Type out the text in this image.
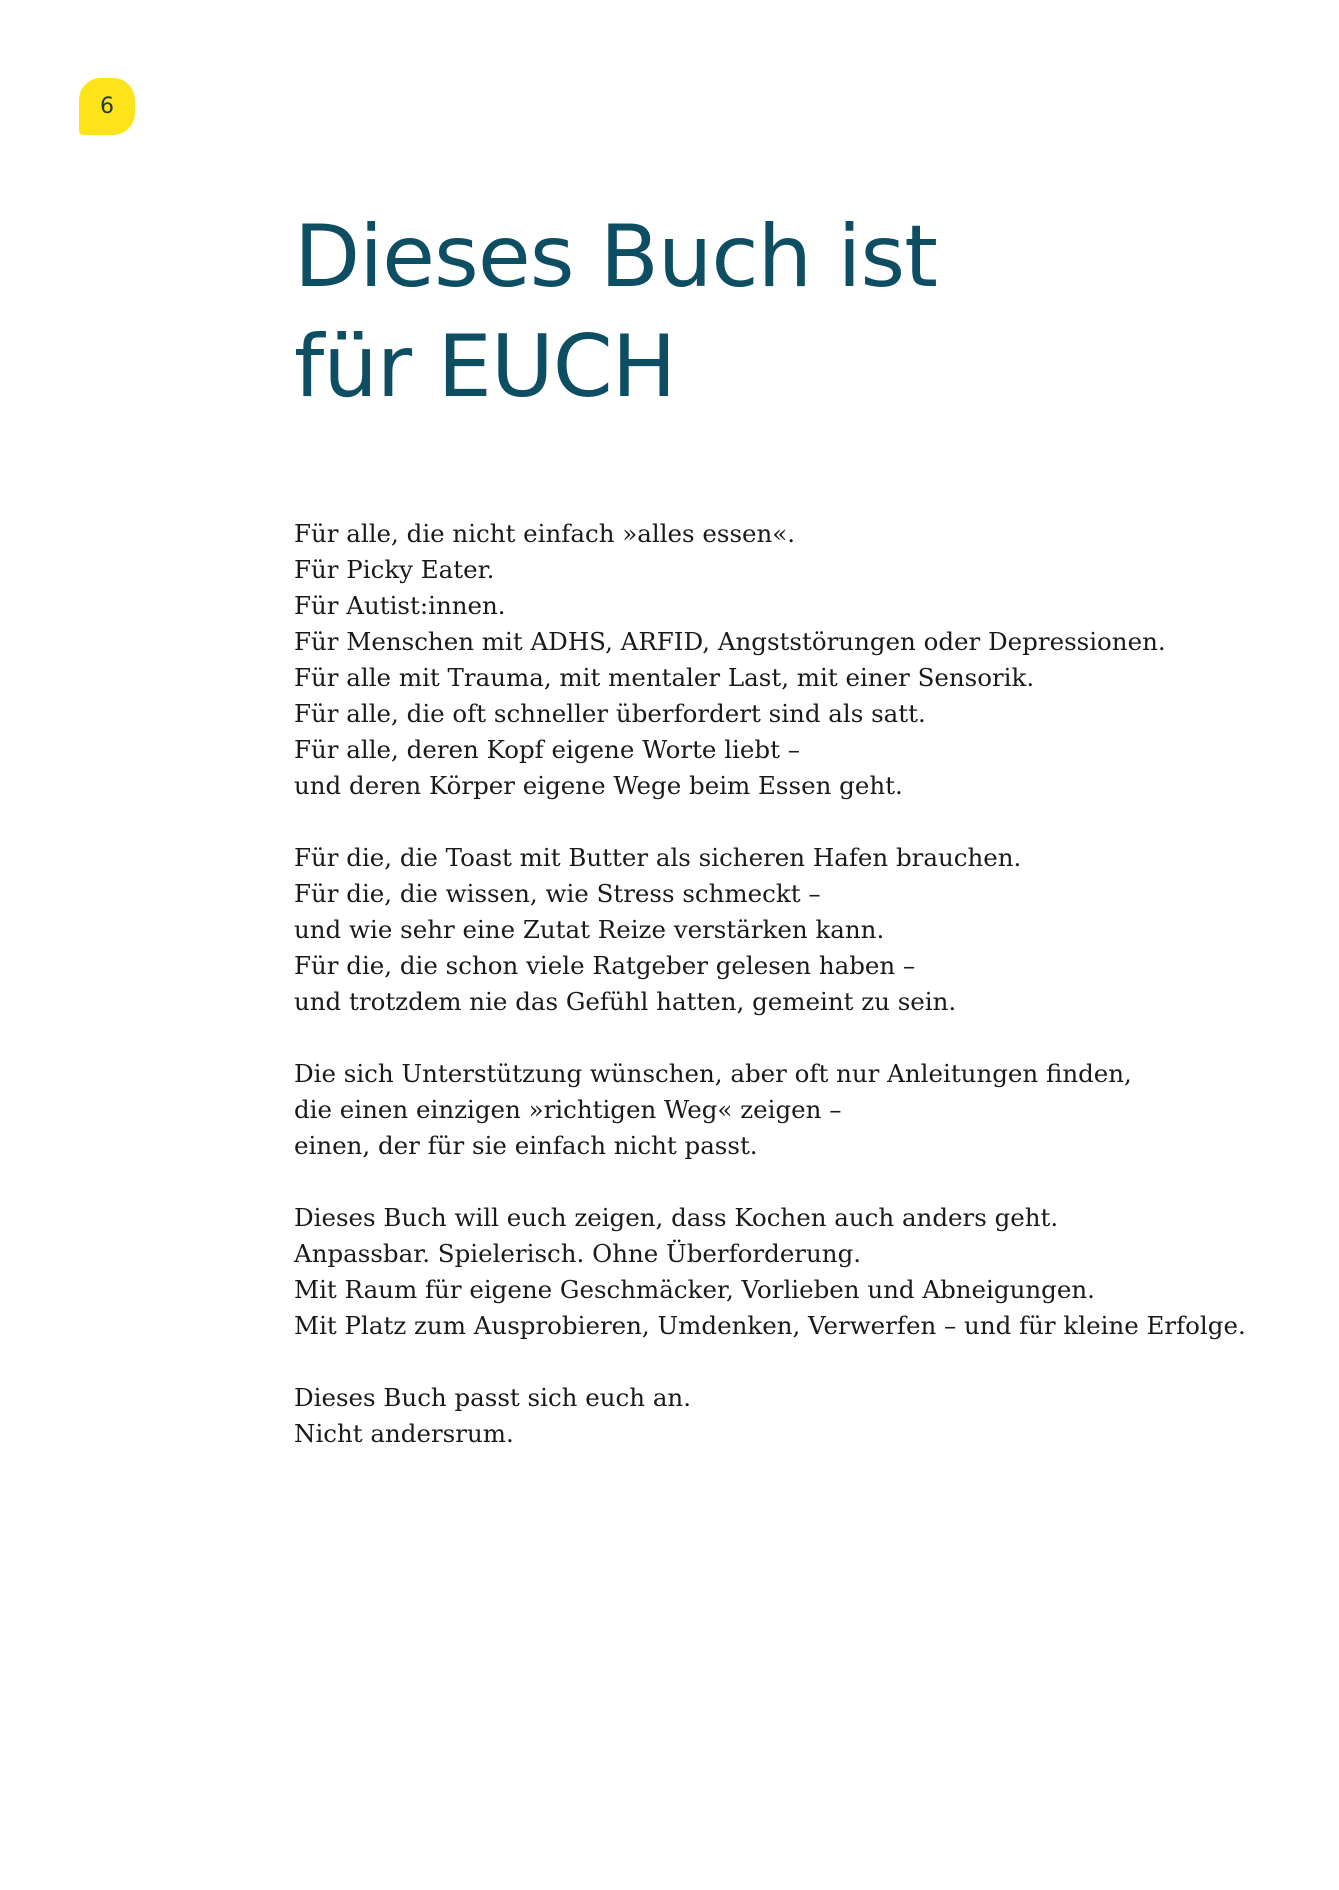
6
Dieses Buch ist
für EUCH

Für alle, die nicht einfach »alles essen«.
Für Picky Eater.
Für Autist:innen.
Für Menschen mit ADHS, ARFID, Angststörungen oder Depressionen.
Für alle mit Trauma, mit mentaler Last, mit einer Sensorik.
Für alle, die oft schneller überfordert sind als satt.
Für alle, deren Kopf eigene Worte liebt –
und deren Körper eigene Wege beim Essen geht.

Für die, die Toast mit Butter als sicheren Hafen brauchen.
Für die, die wissen, wie Stress schmeckt –
und wie sehr eine Zutat Reize verstärken kann.
Für die, die schon viele Ratgeber gelesen haben –
und trotzdem nie das Gefühl hatten, gemeint zu sein.

Die sich Unterstützung wünschen, aber oft nur Anleitungen finden,
die einen einzigen »richtigen Weg« zeigen –
einen, der für sie einfach nicht passt.

Dieses Buch will euch zeigen, dass Kochen auch anders geht.
Anpassbar. Spielerisch. Ohne Überforderung.
Mit Raum für eigene Geschmäcker, Vorlieben und Abneigungen.
Mit Platz zum Ausprobieren, Umdenken, Verwerfen – und für kleine Erfolge.

Dieses Buch passt sich euch an.
Nicht andersrum.
